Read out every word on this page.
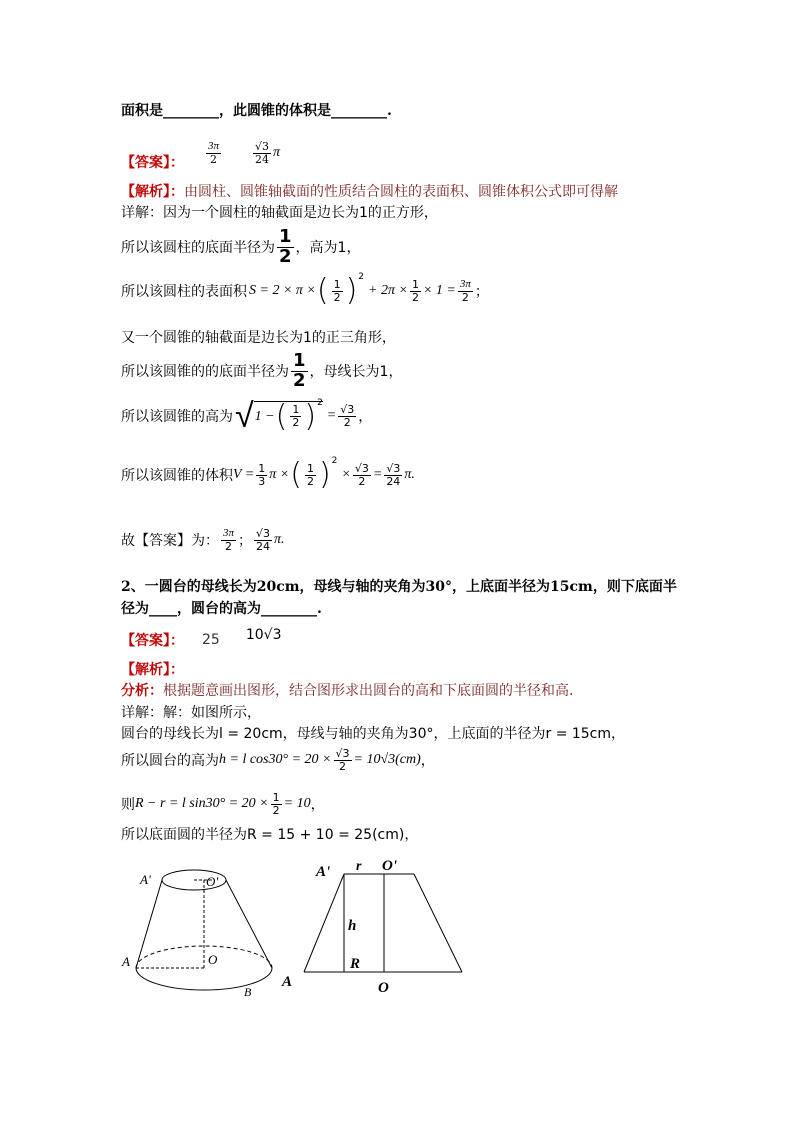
面积是________，此圆锥的体积是________.
【答案】： $\frac{3\pi}{2}$	$\frac{√3}{24}$ π
【解析】： 由圆柱、圆锥轴截面的性质结合圆柱的表面积、圆锥体积公式即可得解
详解：因为一个圆柱的轴截面是边长为1的正方形，
所以该圆柱的底面半径为 $\frac{1}{2}$ ，高为1，
所以该圆柱的表面积 S = 2 × π × ( $\frac{1}{2}$ ) 2
+ $2\pi \times \frac{1}{2} \times 1 = \frac{3\pi}{2}$ ；
又一个圆锥的轴截面是边长为1的正三角形，
所以该圆锥的的底面半径为 $\frac{1}{2}$ ，母线长为1，
所以该圆锥的高为 √ 1 − ( $\frac{1}{2}$ ) 2
= $\frac{√3}{2}$ ，
所以该圆锥的体积 $V = \frac{1}{3}$ π × ( $\frac{1}{2}$ ) 2
× $\frac{√3}{2} = \frac{√3}{24} \pi$.
故【答案】为： $\frac{3\pi}{2}$ ； $\frac{√3}{24} \pi$.
2、一圆台的母线长为20cm，母线与轴的夹角为30°，上底面半径为15cm，则下底面半
径为____，圆台的高为________.
【答案】： 25 10√3
【解析】：
分析： 根据题意画出图形，结合图形求出圆台的高和下底面圆的半径和高．
详解：解：如图所示，
圆台的母线长为l = 20cm，母线与轴的夹角为30°，上底面的半径为r = 15cm，
所以圆台的高为 h = l $\cos 30^\circ = 20 \times \frac{√3}{2} = 10√3(cm)$ ，
则 R − r = l $\sin 30^\circ = 20 \times \frac{1}{2} = 10$ ，
所以底面圆的半径为R = 15 + 10 = 25(cm)，
A'	O'
A	O
B
A' r O'
h
R
A	O
